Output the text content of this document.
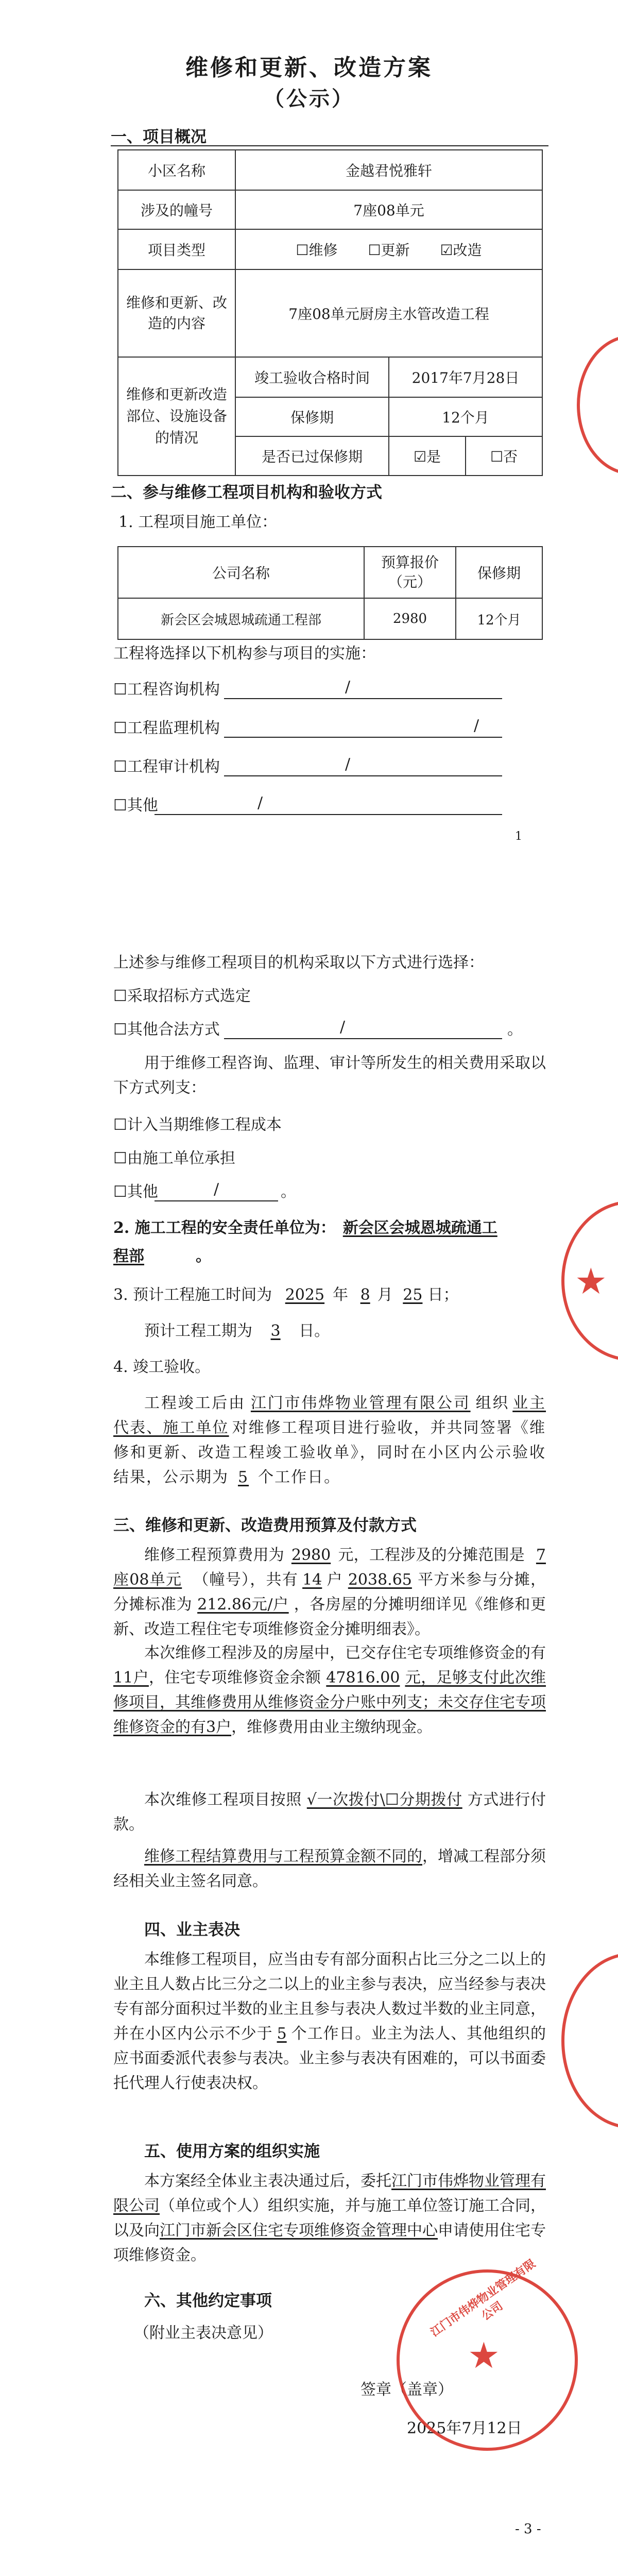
维修和更新、改造方案
（公示）
一、项目概况
小区名称	金越君悦雅轩		
涉及的幢号	7座08单元		
项目类型	☐维修 ☐更新 ☑改造		
维修和更新、改造的内容	7座08单元厨房主水管改造工程		
维修和更新改造部位、设施设备的情况	竣工验收合格时间	2017年7月28日	
	保修期	12个月	
	是否已过保修期	☑是	☐否
二、参与维修工程项目机构和验收方式
1. 工程项目施工单位：
公司名称	预算报价（元）	保修期
新会区会城恩城疏通工程部	2980	12个月
工程将选择以下机构参与项目的实施：
☐工程咨询机构	/
☐工程监理机构	/
☐工程审计机构	/
☐其他	/
1
上述参与维修工程项目的机构采取以下方式进行选择：
☐采取招标方式选定
☐其他合法方式	/	。
用于维修工程咨询、监理、审计等所发生的相关费用采取以下方式列支：
☐计入当期维修工程成本
☐由施工单位承担
☐其他	/	。
2. 施工工程的安全责任单位为： 新会区会城恩城疏通工
程部	。
3. 预计工程施工时间为 2025 年 8 月 25 日；
预计工程工期为 3 日。
4. 竣工验收。
工程竣工后由 江门市伟烨物业管理有限公司 组织 业主代表、施工单位 对维修工程项目进行验收，并共同签署《维修和更新、改造工程竣工验收单》，同时在小区内公示验收结果，公示期为 5 个工作日。
三、维修和更新、改造费用预算及付款方式
维修工程预算费用为 2980 元，工程涉及的分摊范围是 7座08单元 （幢号），共有 14 户 2038.65 平方米参与分摊，分摊标准为 212.86元/户 ，各房屋的分摊明细详见《维修和更新、改造工程住宅专项维修资金分摊明细表》。
本次维修工程涉及的房屋中，已交存住宅专项维修资金的有11户，住宅专项维修资金余额 47816.00 元，足够支付此次维修项目，其维修费用从维修资金分户账中列支；未交存住宅专项维修资金的有3户，维修费用由业主缴纳现金。
本次维修工程项目按照 √一次拨付\☐分期拨付 方式进行付款。
维修工程结算费用与工程预算金额不同的，增减工程部分须经相关业主签名同意。
四、业主表决
本维修工程项目，应当由专有部分面积占比三分之二以上的业主且人数占比三分之二以上的业主参与表决，应当经参与表决专有部分面积过半数的业主且参与表决人数过半数的业主同意，并在小区内公示不少于 5 个工作日。业主为法人、其他组织的应书面委派代表参与表决。业主参与表决有困难的，可以书面委托代理人行使表决权。
五、使用方案的组织实施
本方案经全体业主表决通过后，委托江门市伟烨物业管理有限公司（单位或个人）组织实施，并与施工单位签订施工合同，以及向江门市新会区住宅专项维修资金管理中心申请使用住宅专项维修资金。
六、其他约定事项
（附业主表决意见）
签章（盖章）
2025年7月12日
- 3 -
★
江门市伟烨物业管理有限公司
★
